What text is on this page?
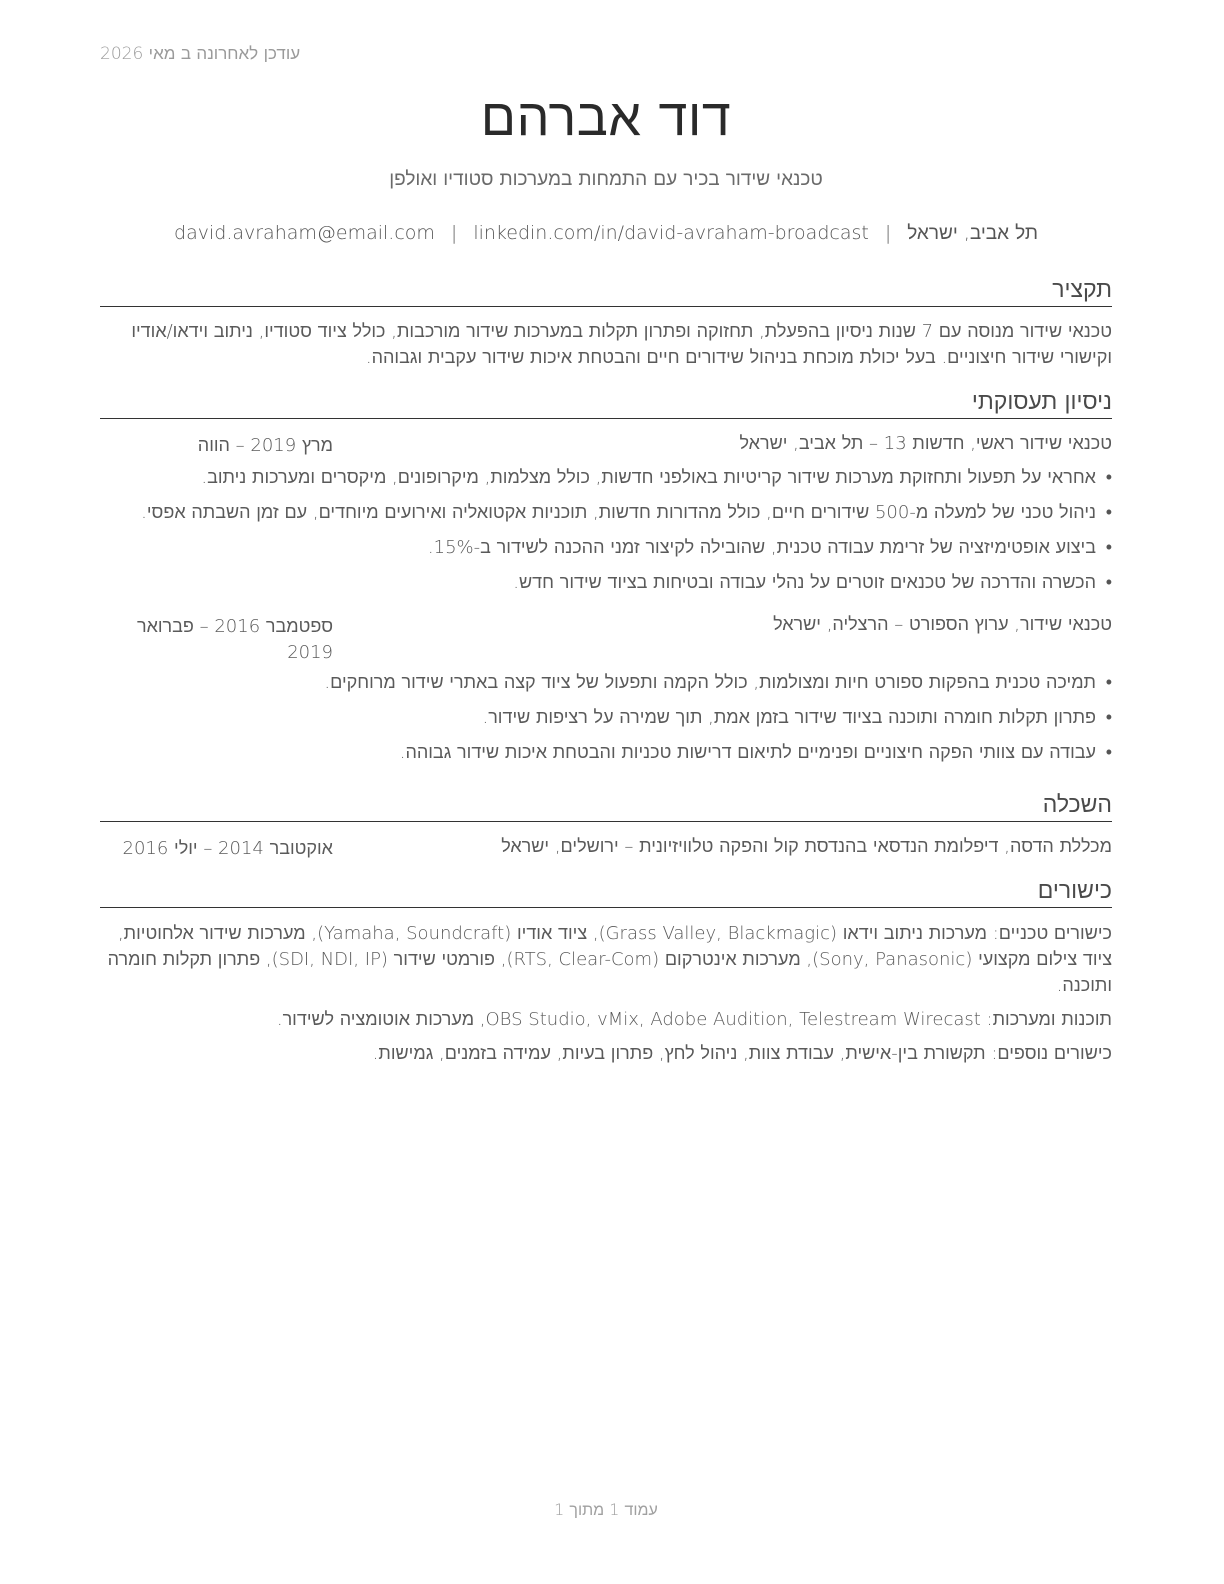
עודכן לאחרונה ב מאי 2026
דוד אברהם
טכנאי שידור בכיר עם התמחות במערכות סטודיו ואולפן
תל אביב, ישראל|david.avraham@email.com | linkedin.com/in/david-avraham-broadcast
תקציר

טכנאי שידור מנוסה עם 7 שנות ניסיון בהפעלת, תחזוקה ופתרון תקלות במערכות שידור מורכבות, כולל ציוד סטודיו, ניתוב וידאו/אודיו וקישורי שידור חיצוניים. בעל יכולת מוכחת בניהול שידורים חיים והבטחת איכות שידור עקבית וגבוהה.

ניסיון תעסוקתי
טכנאי שידור ראשי, חדשות 13 – תל אביב, ישראל
מרץ 2019 – הווה
• אחראי על תפעול ותחזוקת מערכות שידור קריטיות באולפני חדשות, כולל מצלמות, מיקרופונים, מיקסרים ומערכות ניתוב.
• ניהול טכני של למעלה מ-500 שידורים חיים, כולל מהדורות חדשות, תוכניות אקטואליה ואירועים מיוחדים, עם זמן השבתה אפסי.
• ביצוע אופטימיזציה של זרימת עבודה טכנית, שהובילה לקיצור זמני ההכנה לשידור ב-15%.
• הכשרה והדרכה של טכנאים זוטרים על נהלי עבודה ובטיחות בציוד שידור חדש.
טכנאי שידור, ערוץ הספורט – הרצליה, ישראל
ספטמבר 2016 – פברואר 2019
• תמיכה טכנית בהפקות ספורט חיות ומצולמות, כולל הקמה ותפעול של ציוד קצה באתרי שידור מרוחקים.
• פתרון תקלות חומרה ותוכנה בציוד שידור בזמן אמת, תוך שמירה על רציפות שידור.
• עבודה עם צוותי הפקה חיצוניים ופנימיים לתיאום דרישות טכניות והבטחת איכות שידור גבוהה.
השכלה
מכללת הדסה, דיפלומת הנדסאי בהנדסת קול והפקה טלוויזיונית – ירושלים, ישראל
אוקטובר 2014 – יולי 2016
כישורים

כישורים טכניים: מערכות ניתוב וידאו (Grass Valley, Blackmagic), ציוד אודיו (Yamaha, Soundcraft), מערכות שידור אלחוטיות, ציוד צילום מקצועי (Sony, Panasonic), מערכות אינטרקום (RTS, Clear-Com), פורמטי שידור (SDI, NDI, IP), פתרון תקלות חומרה ותוכנה.

תוכנות ומערכות: OBS Studio, vMix, Adobe Audition, Telestream Wirecast, מערכות אוטומציה לשידור.

כישורים נוספים: תקשורת בין-אישית, עבודת צוות, ניהול לחץ, פתרון בעיות, עמידה בזמנים, גמישות.

עמוד 1 מתוך 1
